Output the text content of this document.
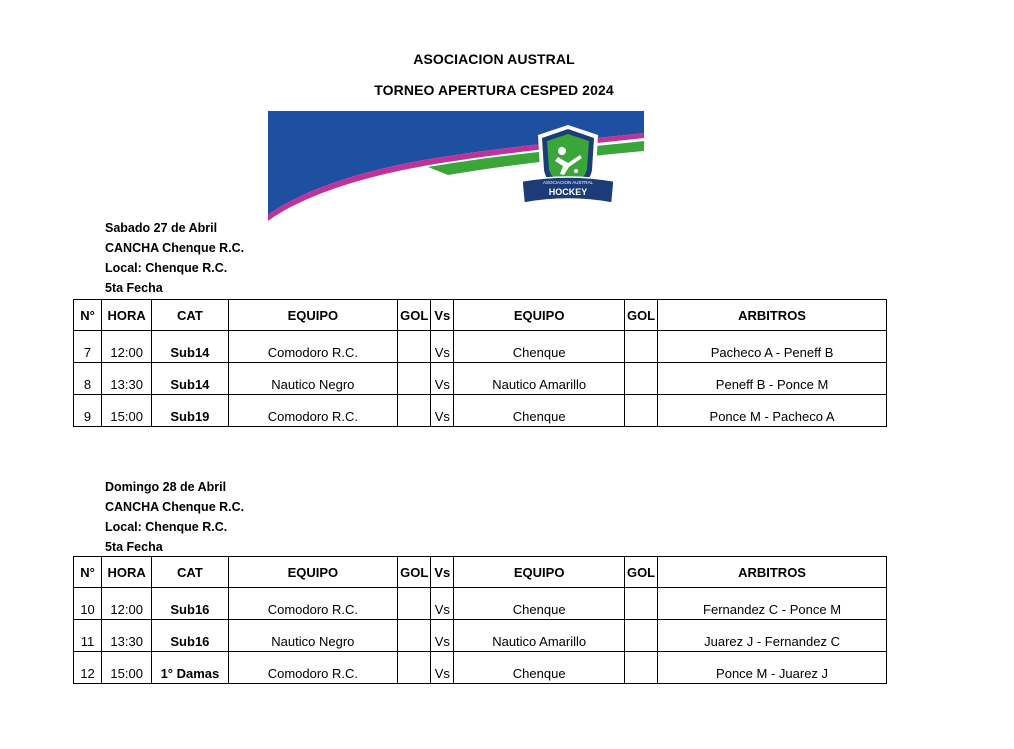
ASOCIACION AUSTRAL
TORNEO APERTURA CESPED 2024
ASOCIACION AUSTRAL
HOCKEY
Sabado 27 de Abril
CANCHA Chenque R.C.
Local: Chenque R.C.
5ta Fecha
N°	HORA	CAT	EQUIPO	GOL	Vs	EQUIPO	GOL	ARBITROS
7	12:00	Sub14	Comodoro R.C.		Vs	Chenque		Pacheco A - Peneff B
8	13:30	Sub14	Nautico Negro		Vs	Nautico Amarillo		Peneff B - Ponce M
9	15:00	Sub19	Comodoro R.C.		Vs	Chenque		Ponce M - Pacheco A
Domingo 28 de Abril
CANCHA Chenque R.C.
Local: Chenque R.C.
5ta Fecha
N°	HORA	CAT	EQUIPO	GOL	Vs	EQUIPO	GOL	ARBITROS
10	12:00	Sub16	Comodoro R.C.		Vs	Chenque		Fernandez C - Ponce M
11	13:30	Sub16	Nautico Negro		Vs	Nautico Amarillo		Juarez J - Fernandez C
12	15:00	1° Damas	Comodoro R.C.		Vs	Chenque		Ponce M - Juarez J
